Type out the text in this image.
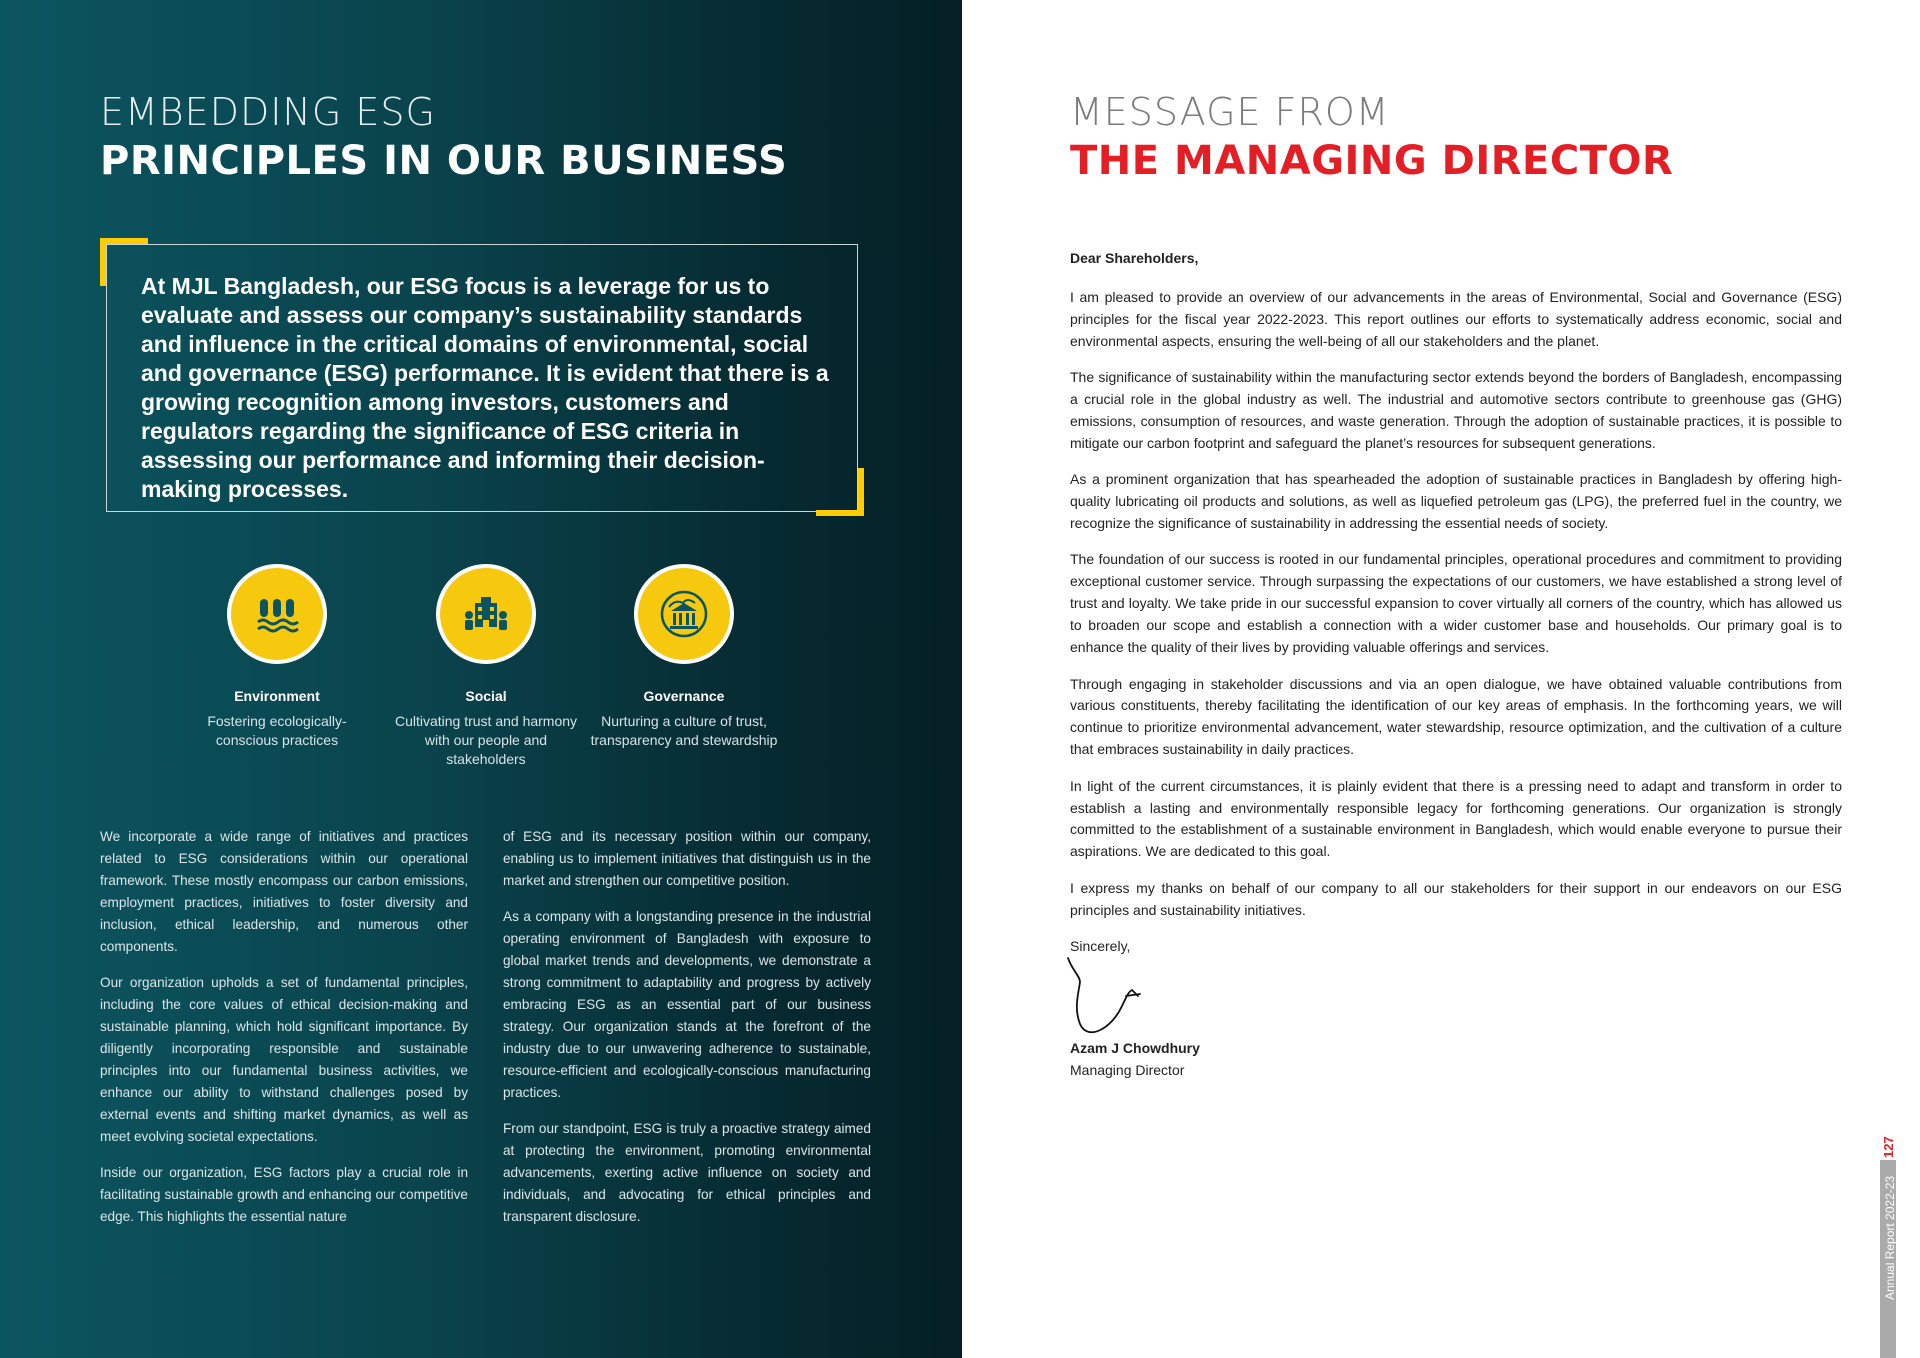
EMBEDDING ESG
PRINCIPLES IN OUR BUSINESS
At MJL Bangladesh, our ESG focus is a leverage for us to evaluate and assess our company’s sustainability standards and influence in the critical domains of environmental, social and governance (ESG) performance. It is evident that there is a growing recognition among investors, customers and regulators regarding the significance of ESG criteria in assessing our performance and informing their decision-making processes.
Environment
Fostering ecologically-conscious practices
Social
Cultivating trust and harmony with our people and stakeholders
Governance
Nurturing a culture of trust, transparency and stewardship

We incorporate a wide range of initiatives and practices related to ESG considerations within our operational framework. These mostly encompass our carbon emissions, employment practices, initiatives to foster diversity and inclusion, ethical leadership, and numerous other components.

Our organization upholds a set of fundamental principles, including the core values of ethical decision-making and sustainable planning, which hold significant importance. By diligently incorporating responsible and sustainable principles into our fundamental business activities, we enhance our ability to withstand challenges posed by external events and shifting market dynamics, as well as meet evolving societal expectations.

Inside our organization, ESG factors play a crucial role in facilitating sustainable growth and enhancing our competitive edge. This highlights the essential nature

of ESG and its necessary position within our company, enabling us to implement initiatives that distinguish us in the market and strengthen our competitive position.

As a company with a longstanding presence in the industrial operating environment of Bangladesh with exposure to global market trends and developments, we demonstrate a strong commitment to adaptability and progress by actively embracing ESG as an essential part of our business strategy. Our organization stands at the forefront of the industry due to our unwavering adherence to sustainable, resource-efficient and ecologically-conscious manufacturing practices.

From our standpoint, ESG is truly a proactive strategy aimed at protecting the environment, promoting environmental advancements, exerting active influence on society and individuals, and advocating for ethical principles and transparent disclosure.

MESSAGE FROM
THE MANAGING DIRECTOR

Dear Shareholders,

I am pleased to provide an overview of our advancements in the areas of Environmental, Social and Governance (ESG) principles for the fiscal year 2022-2023. This report outlines our efforts to systematically address economic, social and environmental aspects, ensuring the well-being of all our stakeholders and the planet.

The significance of sustainability within the manufacturing sector extends beyond the borders of Bangladesh, encompassing a crucial role in the global industry as well. The industrial and automotive sectors contribute to greenhouse gas (GHG) emissions, consumption of resources, and waste generation. Through the adoption of sustainable practices, it is possible to mitigate our carbon footprint and safeguard the planet’s resources for subsequent generations.

As a prominent organization that has spearheaded the adoption of sustainable practices in Bangladesh by offering high-quality lubricating oil products and solutions, as well as liquefied petroleum gas (LPG), the preferred fuel in the country, we recognize the significance of sustainability in addressing the essential needs of society.

The foundation of our success is rooted in our fundamental principles, operational procedures and commitment to providing exceptional customer service. Through surpassing the expectations of our customers, we have established a strong level of trust and loyalty. We take pride in our successful expansion to cover virtually all corners of the country, which has allowed us to broaden our scope and establish a connection with a wider customer base and households. Our primary goal is to enhance the quality of their lives by providing valuable offerings and services.

Through engaging in stakeholder discussions and via an open dialogue, we have obtained valuable contributions from various constituents, thereby facilitating the identification of our key areas of emphasis. In the forthcoming years, we will continue to prioritize environmental advancement, water stewardship, resource optimization, and the cultivation of a culture that embraces sustainability in daily practices.

In light of the current circumstances, it is plainly evident that there is a pressing need to adapt and transform in order to establish a lasting and environmentally responsible legacy for forthcoming generations. Our organization is strongly committed to the establishment of a sustainable environment in Bangladesh, which would enable everyone to pursue their aspirations. We are dedicated to this goal.

I express my thanks on behalf of our company to all our stakeholders for their support in our endeavors on our ESG principles and sustainability initiatives.

Sincerely,

Azam J Chowdhury
Managing Director
Annual Report 2022-23
127
